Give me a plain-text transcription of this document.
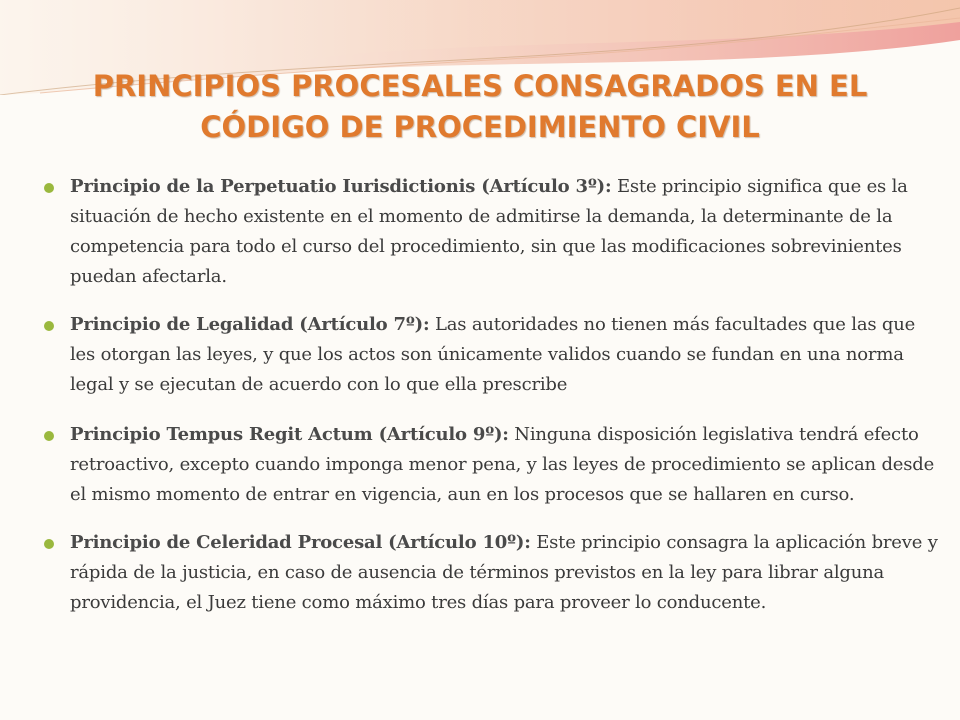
PRINCIPIOS PROCESALES CONSAGRADOS EN EL
CÓDIGO DE PROCEDIMIENTO CIVIL
Principio de la Perpetuatio Iurisdictionis (Artículo 3º): Este principio significa que es la situación de hecho existente en el momento de admitirse la demanda, la determinante de la competencia para todo el curso del procedimiento, sin que las modificaciones sobrevinientes puedan afectarla.
Principio de Legalidad (Artículo 7º): Las autoridades no tienen más facultades que las que les otorgan las leyes, y que los actos son únicamente validos cuando se fundan en una norma legal y se ejecutan de acuerdo con lo que ella prescribe
Principio Tempus Regit Actum (Artículo 9º): Ninguna disposición legislativa tendrá efecto retroactivo, excepto cuando imponga menor pena, y las leyes de procedimiento se aplican desde el mismo momento de entrar en vigencia, aun en los procesos que se hallaren en curso.
Principio de Celeridad Procesal (Artículo 10º): Este principio consagra la aplicación breve y rápida de la justicia, en caso de ausencia de términos previstos en la ley para librar alguna providencia, el Juez tiene como máximo tres días para proveer lo conducente.
